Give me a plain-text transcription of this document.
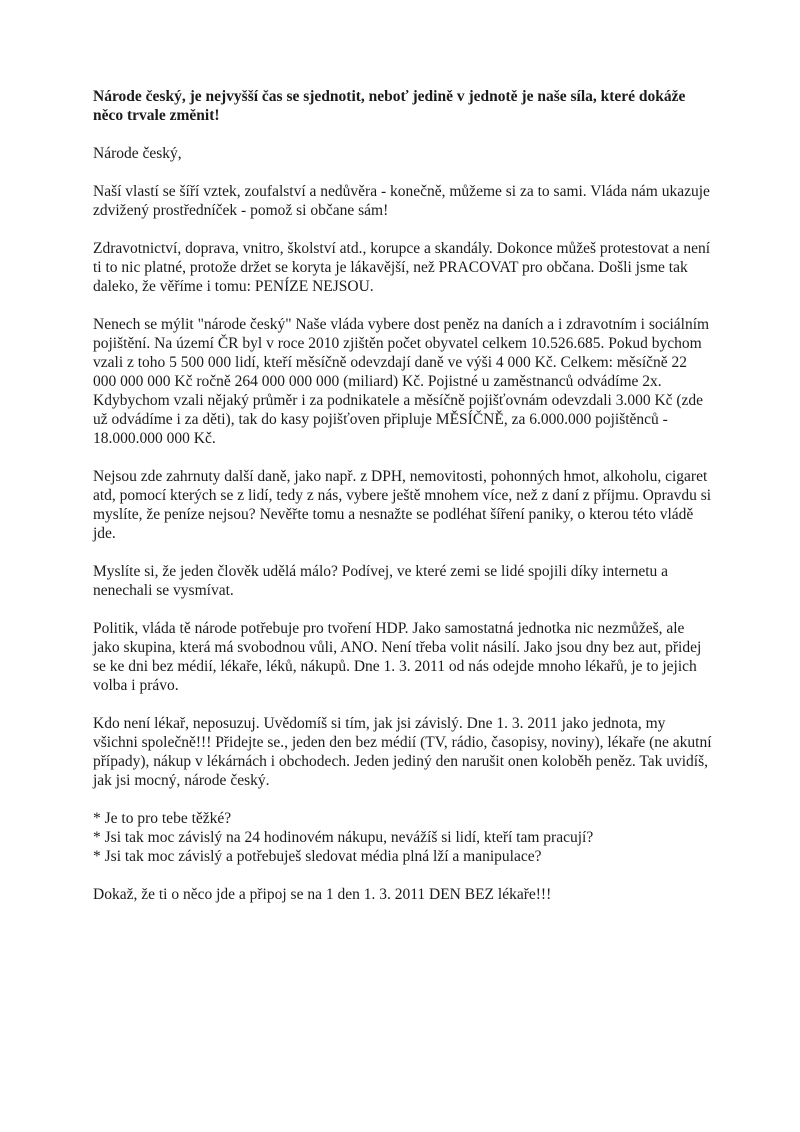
Národe český, je nejvyšší čas se sjednotit, neboť jedině v jednotě je naše síla, které dokáže něco trvale změnit!

Národe český,

Naší vlastí se šíří vztek, zoufalství a nedůvěra - konečně, můžeme si za to sami. Vláda nám ukazuje zdvižený prostředníček - pomož si občane sám!

Zdravotnictví, doprava, vnitro, školství atd., korupce a skandály. Dokonce můžeš protestovat a není ti to nic platné, protože držet se koryta je lákavější, než PRACOVAT pro občana. Došli jsme tak daleko, že věříme i tomu: PENÍZE NEJSOU.

Nenech se mýlit "národe český" Naše vláda vybere dost peněz na daních a i zdravotním i sociálním pojištění. Na území ČR byl v roce 2010 zjištěn počet obyvatel celkem 10.526.685. Pokud bychom vzali z toho 5 500 000 lidí, kteří měsíčně odevzdají daně ve výši 4 000 Kč. Celkem: měsíčně 22 000 000 000 Kč ročně 264 000 000 000 (miliard) Kč. Pojistné u zaměstnanců odvádíme 2x. Kdybychom vzali nějaký průměr i za podnikatele a měsíčně pojišťovnám odevzdali 3.000 Kč (zde už odvádíme i za děti), tak do kasy pojišťoven připluje MĚSÍČNĚ, za 6.000.000 pojištěnců - 18.000.000 000 Kč.

Nejsou zde zahrnuty další daně, jako např. z DPH, nemovitosti, pohonných hmot, alkoholu, cigaret atd, pomocí kterých se z lidí, tedy z nás, vybere ještě mnohem více, než z daní z příjmu. Opravdu si myslíte, že peníze nejsou? Nevěřte tomu a nesnažte se podléhat šíření paniky, o kterou této vládě jde.

Myslíte si, že jeden člověk udělá málo? Podívej, ve které zemi se lidé spojili díky internetu a nenechali se vysmívat.

Politik, vláda tě národe potřebuje pro tvoření HDP. Jako samostatná jednotka nic nezmůžeš, ale jako skupina, která má svobodnou vůli, ANO. Není třeba volit násilí. Jako jsou dny bez aut, přidej se ke dni bez médií, lékaře, léků, nákupů. Dne 1. 3. 2011 od nás odejde mnoho lékařů, je to jejich volba i právo.

Kdo není lékař, neposuzuj. Uvědomíš si tím, jak jsi závislý. Dne 1. 3. 2011 jako jednota, my všichni společně!!! Přidejte se., jeden den bez médií (TV, rádio, časopisy, noviny), lékaře (ne akutní případy), nákup v lékárnách i obchodech. Jeden jediný den narušit onen koloběh peněz. Tak uvidíš, jak jsi mocný, národe český.

* Je to pro tebe těžké?

* Jsi tak moc závislý na 24 hodinovém nákupu, nevážíš si lidí, kteří tam pracují?

* Jsi tak moc závislý a potřebuješ sledovat média plná lží a manipulace?

Dokaž, že ti o něco jde a připoj se na 1 den 1. 3. 2011 DEN BEZ lékaře!!!
